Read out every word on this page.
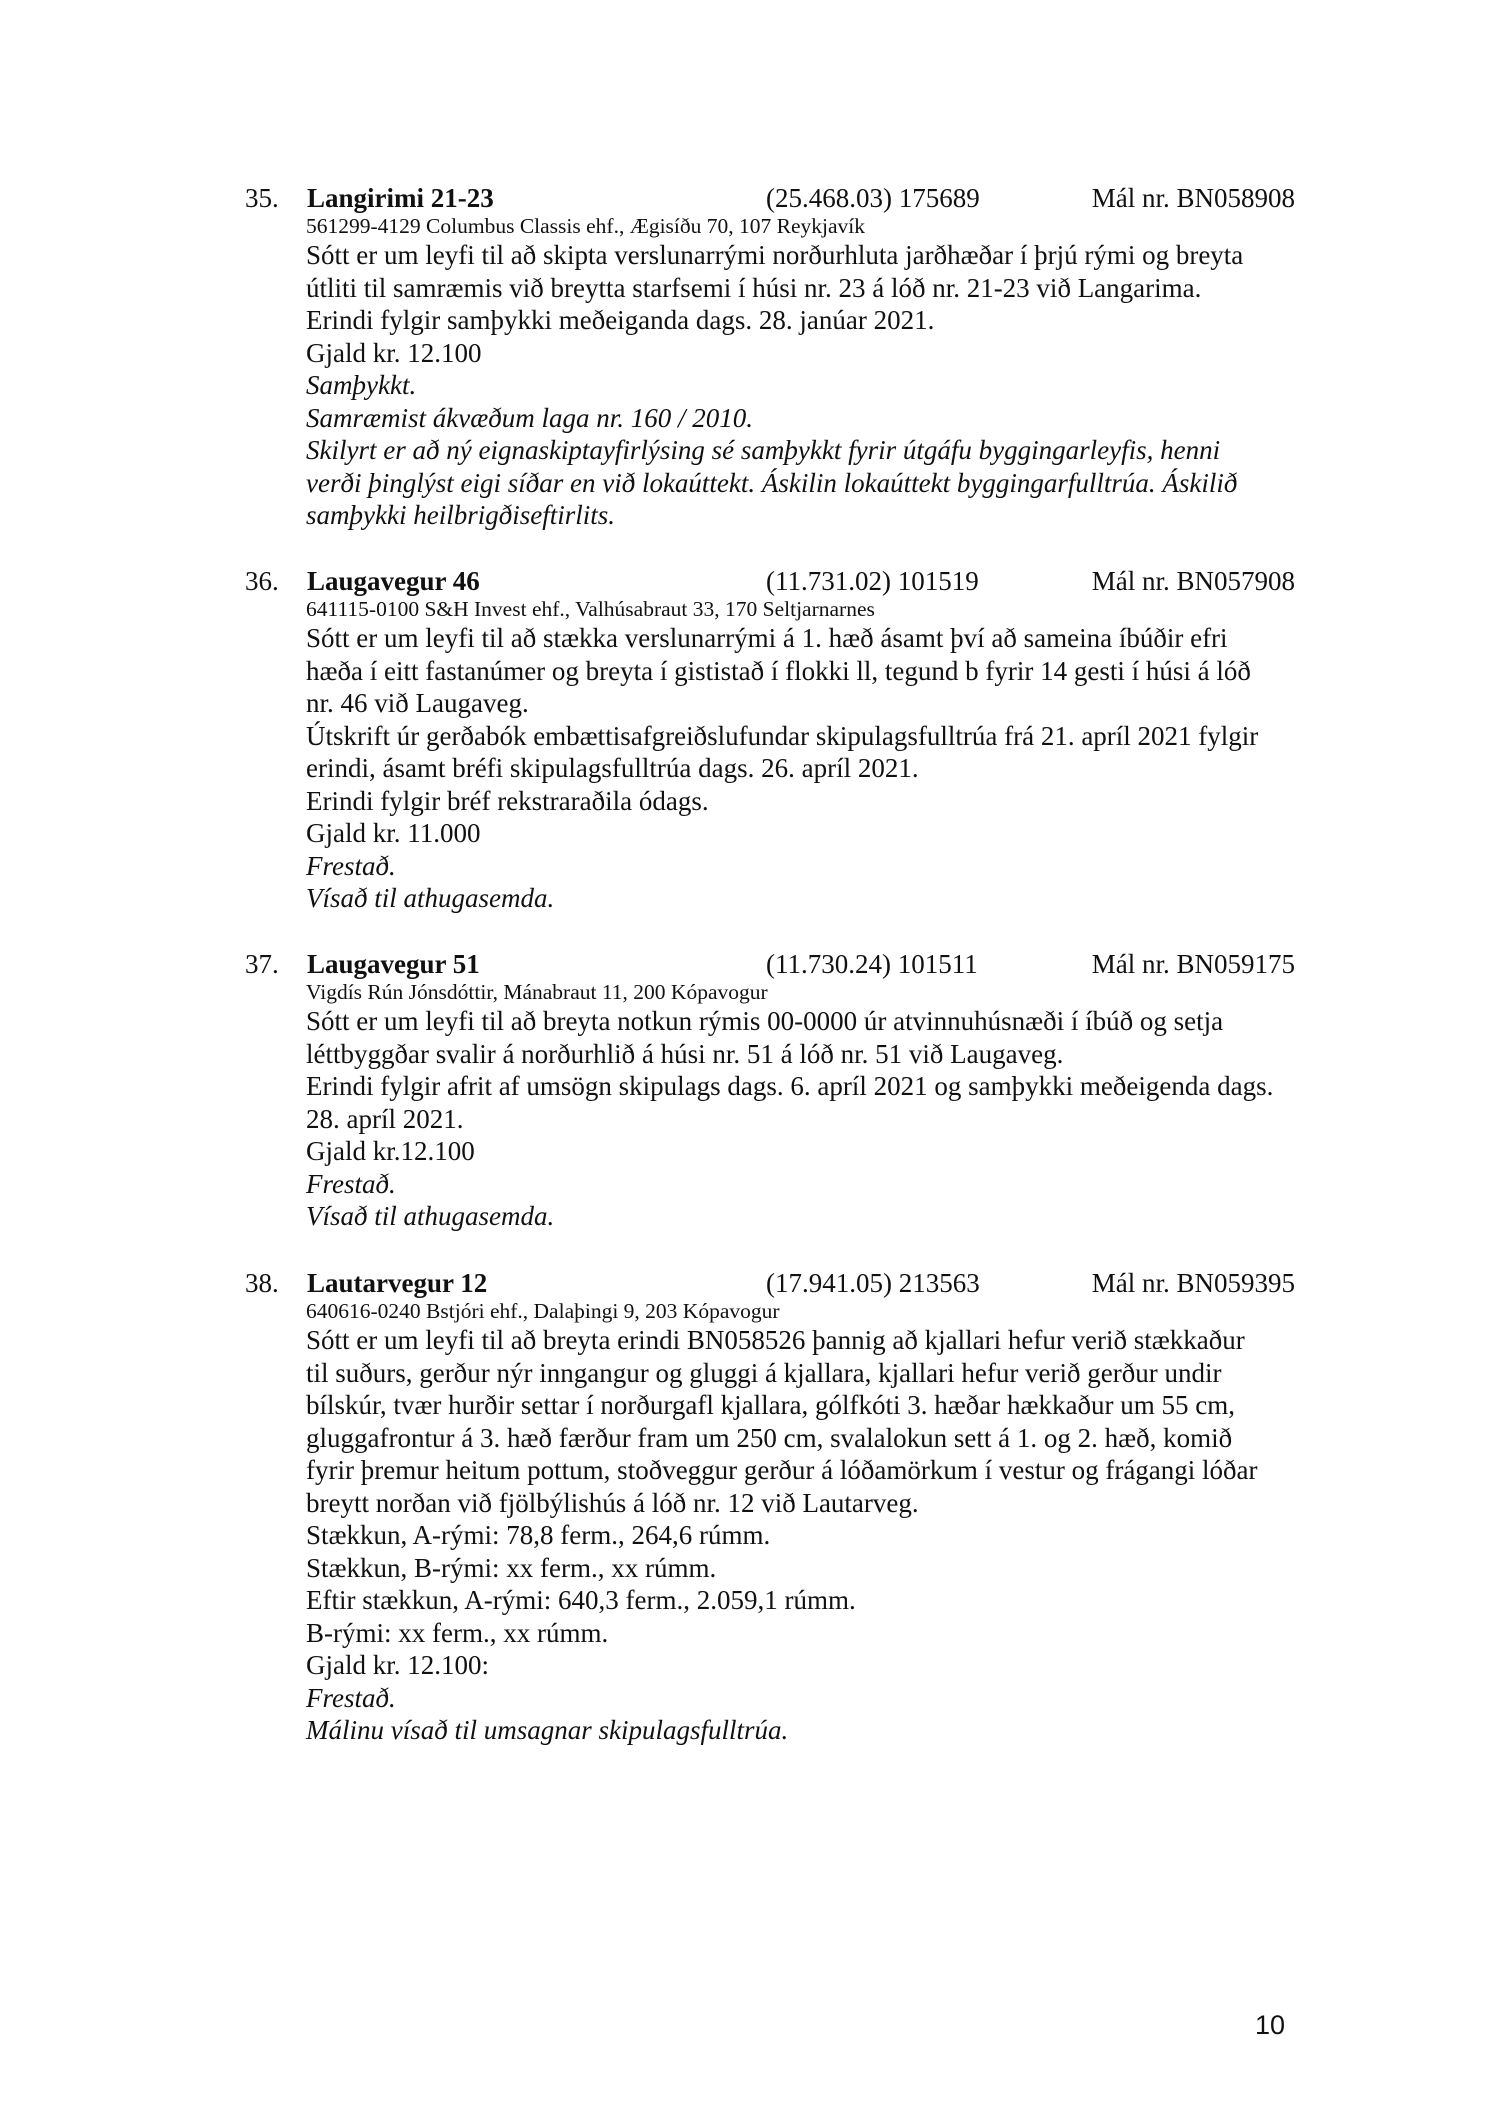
35. Langirimi 21-23	(25.468.03) 175689	Mál nr. BN058908
561299-4129 Columbus Classis ehf., Ægisíðu 70, 107 Reykjavík
Sótt er um leyfi til að skipta verslunarrými norðurhluta jarðhæðar í þrjú rými og breyta
útliti til samræmis við breytta starfsemi í húsi nr. 23 á lóð nr. 21-23 við Langarima.
Erindi fylgir samþykki meðeiganda dags. 28. janúar 2021.
Gjald kr. 12.100
Samþykkt.
Samræmist ákvæðum laga nr. 160 / 2010.
Skilyrt er að ný eignaskiptayfirlýsing sé samþykkt fyrir útgáfu byggingarleyfis, henni
verði þinglýst eigi síðar en við lokaúttekt. Áskilin lokaúttekt byggingarfulltrúa. Áskilið
samþykki heilbrigðiseftirlits.
36. Laugavegur 46	(11.731.02) 101519	Mál nr. BN057908
641115-0100 S&H Invest ehf., Valhúsabraut 33, 170 Seltjarnarnes
Sótt er um leyfi til að stækka verslunarrými á 1. hæð ásamt því að sameina íbúðir efri
hæða í eitt fastanúmer og breyta í gististað í flokki ll, tegund b fyrir 14 gesti í húsi á lóð
nr. 46 við Laugaveg.
Útskrift úr gerðabók embættisafgreiðslufundar skipulagsfulltrúa frá 21. apríl 2021 fylgir
erindi, ásamt bréfi skipulagsfulltrúa dags. 26. apríl 2021.
Erindi fylgir bréf rekstraraðila ódags.
Gjald kr. 11.000
Frestað.
Vísað til athugasemda.
37. Laugavegur 51	(11.730.24) 101511	Mál nr. BN059175
Vigdís Rún Jónsdóttir, Mánabraut 11, 200 Kópavogur
Sótt er um leyfi til að breyta notkun rýmis 00-0000 úr atvinnuhúsnæði í íbúð og setja
léttbyggðar svalir á norðurhlið á húsi nr. 51 á lóð nr. 51 við Laugaveg.
Erindi fylgir afrit af umsögn skipulags dags. 6. apríl 2021 og samþykki meðeigenda dags.
28. apríl 2021.
Gjald kr.12.100
Frestað.
Vísað til athugasemda.
38. Lautarvegur 12	(17.941.05) 213563	Mál nr. BN059395
640616-0240 Bstjóri ehf., Dalaþingi 9, 203 Kópavogur
Sótt er um leyfi til að breyta erindi BN058526 þannig að kjallari hefur verið stækkaður
til suðurs, gerður nýr inngangur og gluggi á kjallara, kjallari hefur verið gerður undir
bílskúr, tvær hurðir settar í norðurgafl kjallara, gólfkóti 3. hæðar hækkaður um 55 cm,
gluggafrontur á 3. hæð færður fram um 250 cm, svalalokun sett á 1. og 2. hæð, komið
fyrir þremur heitum pottum, stoðveggur gerður á lóðamörkum í vestur og frágangi lóðar
breytt norðan við fjölbýlishús á lóð nr. 12 við Lautarveg.
Stækkun, A-rými: 78,8 ferm., 264,6 rúmm.
Stækkun, B-rými: xx ferm., xx rúmm.
Eftir stækkun, A-rými: 640,3 ferm., 2.059,1 rúmm.
B-rými: xx ferm., xx rúmm.
Gjald kr. 12.100:
Frestað.
Málinu vísað til umsagnar skipulagsfulltrúa.
10
